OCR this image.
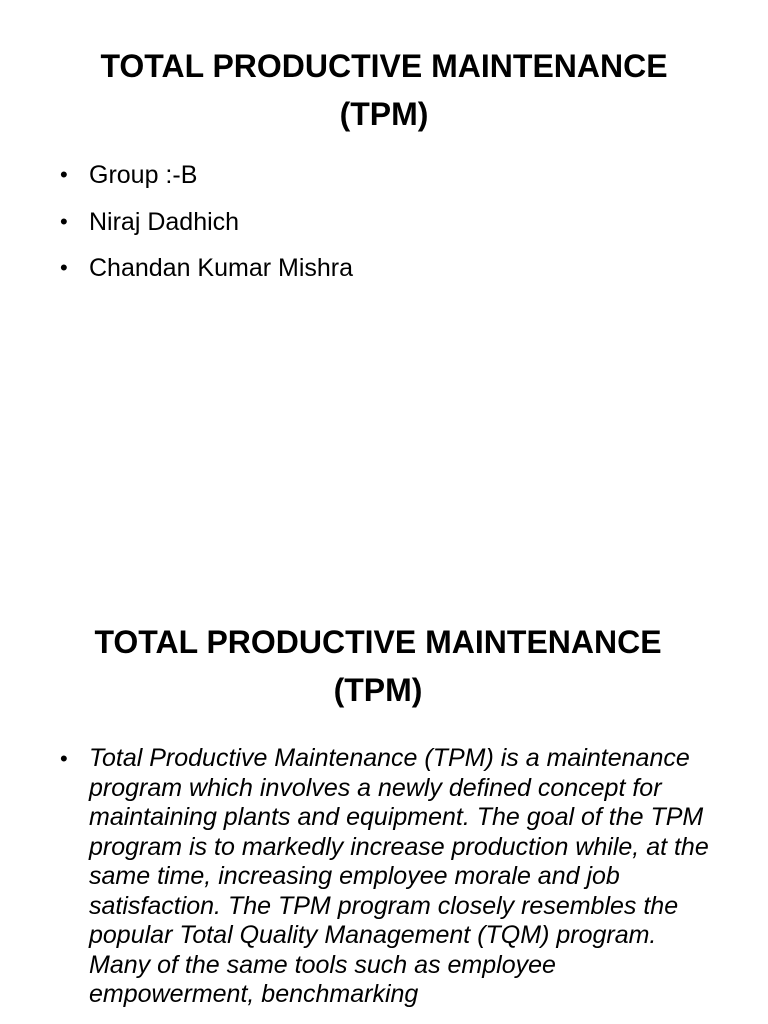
TOTAL PRODUCTIVE MAINTENANCE
(TPM)
• Group :-B
• Niraj Dadhich
• Chandan Kumar Mishra
TOTAL PRODUCTIVE MAINTENANCE
(TPM)
• Total Productive Maintenance (TPM) is a maintenance program which involves a newly defined concept for maintaining plants and equipment. The goal of the TPM program is to markedly increase production while, at the same time, increasing employee morale and job satisfaction. The TPM program closely resembles the popular Total Quality Management (TQM) program. Many of the same tools such as employee empowerment, benchmarking
